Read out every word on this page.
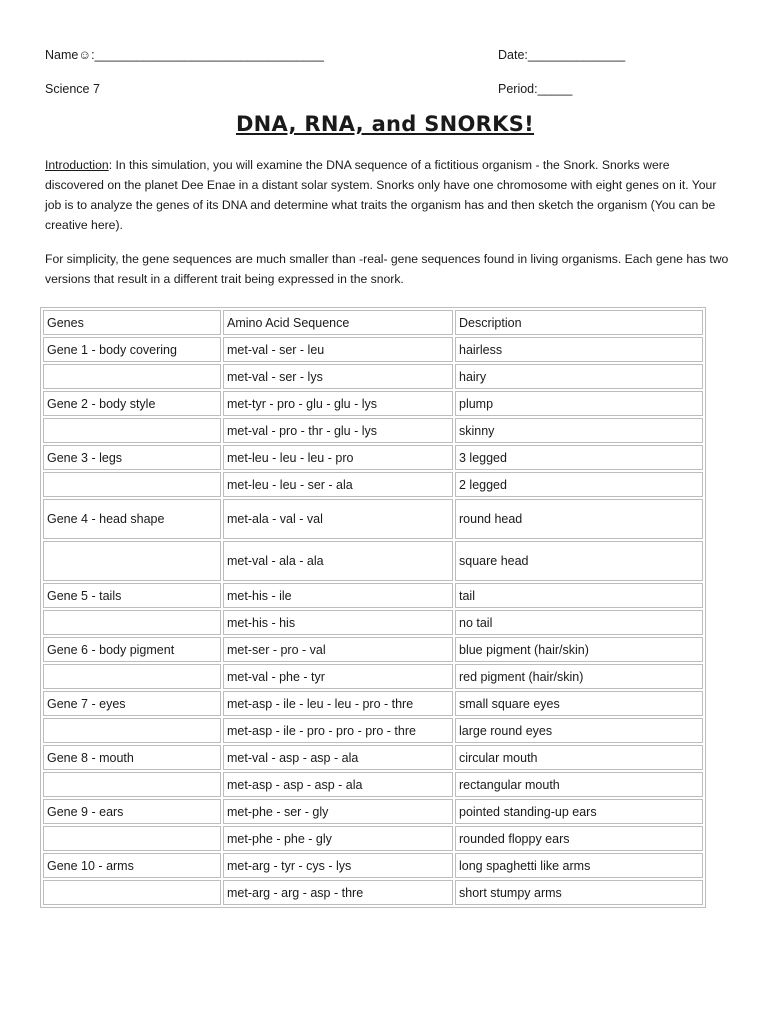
Name☺:_________________________________	Date:______________
Science 7	Period:_____
DNA, RNA, and SNORKS!
Introduction: In this simulation, you will examine the DNA sequence of a fictitious organism - the Snork. Snorks were discovered on the planet Dee Enae in a distant solar system. Snorks only have one chromosome with eight genes on it. Your job is to analyze the genes of its DNA and determine what traits the organism has and then sketch the organism (You can be creative here).
For simplicity, the gene sequences are much smaller than -real- gene sequences found in living organisms. Each gene has two versions that result in a different trait being expressed in the snork.
Genes	Amino Acid Sequence	Description
Gene 1 - body covering	met-val - ser - leu	hairless
	met-val - ser - lys	hairy
Gene 2 - body style	met-tyr - pro - glu - glu - lys	plump
	met-val - pro - thr - glu - lys	skinny
Gene 3 - legs	met-leu - leu - leu - pro	3 legged
	met-leu - leu - ser - ala	2 legged
Gene 4 - head shape	met-ala - val - val	round head
	met-val - ala - ala	square head
Gene 5 - tails	met-his - ile	tail
	met-his - his	no tail
Gene 6 - body pigment	met-ser - pro - val	blue pigment (hair/skin)
	met-val - phe - tyr	red pigment (hair/skin)
Gene 7 - eyes	met-asp - ile - leu - leu - pro - thre	small square eyes
	met-asp - ile - pro - pro - pro - thre	large round eyes
Gene 8 - mouth	met-val - asp - asp - ala	circular mouth
	met-asp - asp - asp - ala	rectangular mouth
Gene 9 - ears	met-phe - ser - gly	pointed standing-up ears
	met-phe - phe - gly	rounded floppy ears
Gene 10 - arms	met-arg - tyr - cys - lys	long spaghetti like arms
	met-arg - arg - asp - thre	short stumpy arms
